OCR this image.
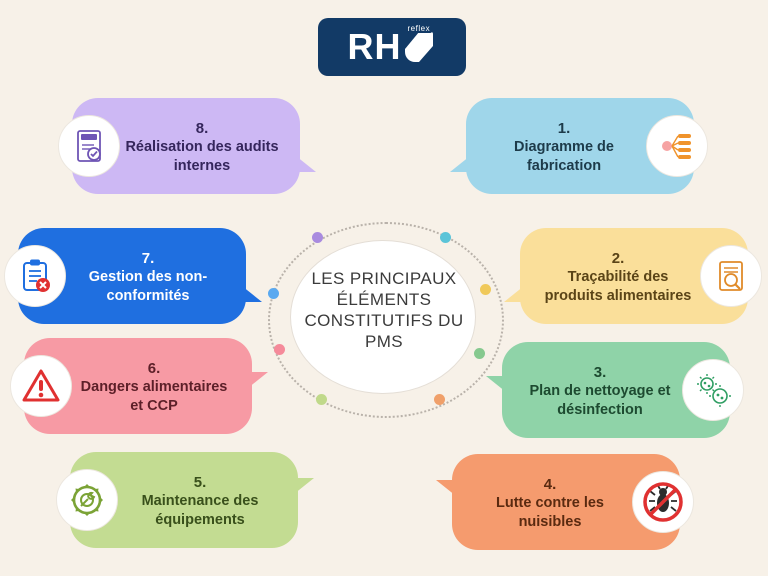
RH reflex
LES PRINCIPAUX ÉLÉMENTS CONSTITUTIFS DU PMS
1.
Diagramme de fabrication
2.
Traçabilité des produits alimentaires
3.
Plan de nettoyage et désinfection
4.
Lutte contre les nuisibles
5.
Maintenance des équipements
6.
Dangers alimentaires et CCP
7.
Gestion des non-conformités
8.
Réalisation des audits internes
